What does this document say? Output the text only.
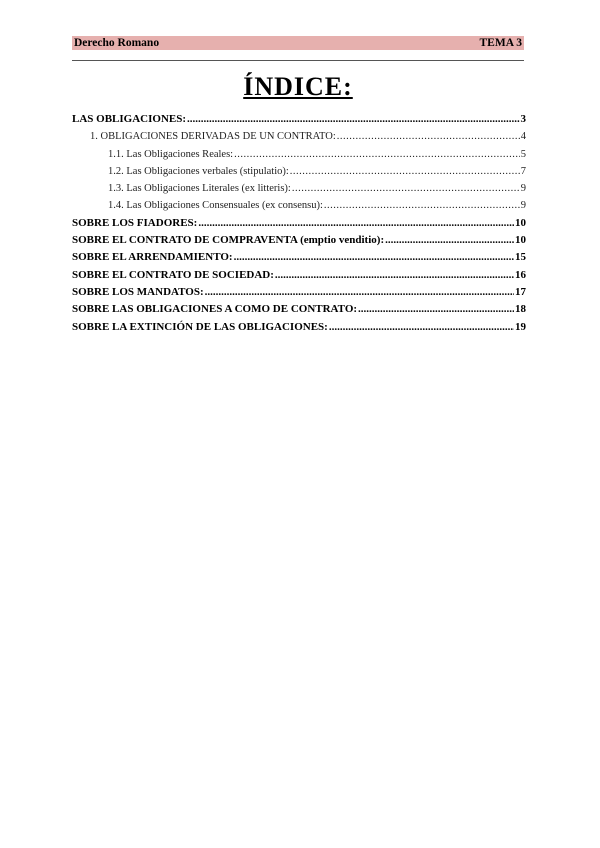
Derecho Romano	TEMA 3
ÍNDICE:
LAS OBLIGACIONES: .....	3
1. OBLIGACIONES DERIVADAS DE UN CONTRATO: .....	4
1.1. Las Obligaciones Reales: .....	5
1.2. Las Obligaciones verbales (stipulatio): .....	7
1.3. Las Obligaciones Literales (ex litteris): .....	9
1.4. Las Obligaciones Consensuales (ex consensu): .....	9
SOBRE LOS FIADORES: .....	10
SOBRE EL CONTRATO DE COMPRAVENTA (emptio venditio): .....	10
SOBRE EL ARRENDAMIENTO: .....	15
SOBRE EL CONTRATO DE SOCIEDAD: .....	16
SOBRE LOS MANDATOS: .....	17
SOBRE LAS OBLIGACIONES A COMO DE CONTRATO: .....	18
SOBRE LA EXTINCIÓN DE LAS OBLIGACIONES: .....	19
